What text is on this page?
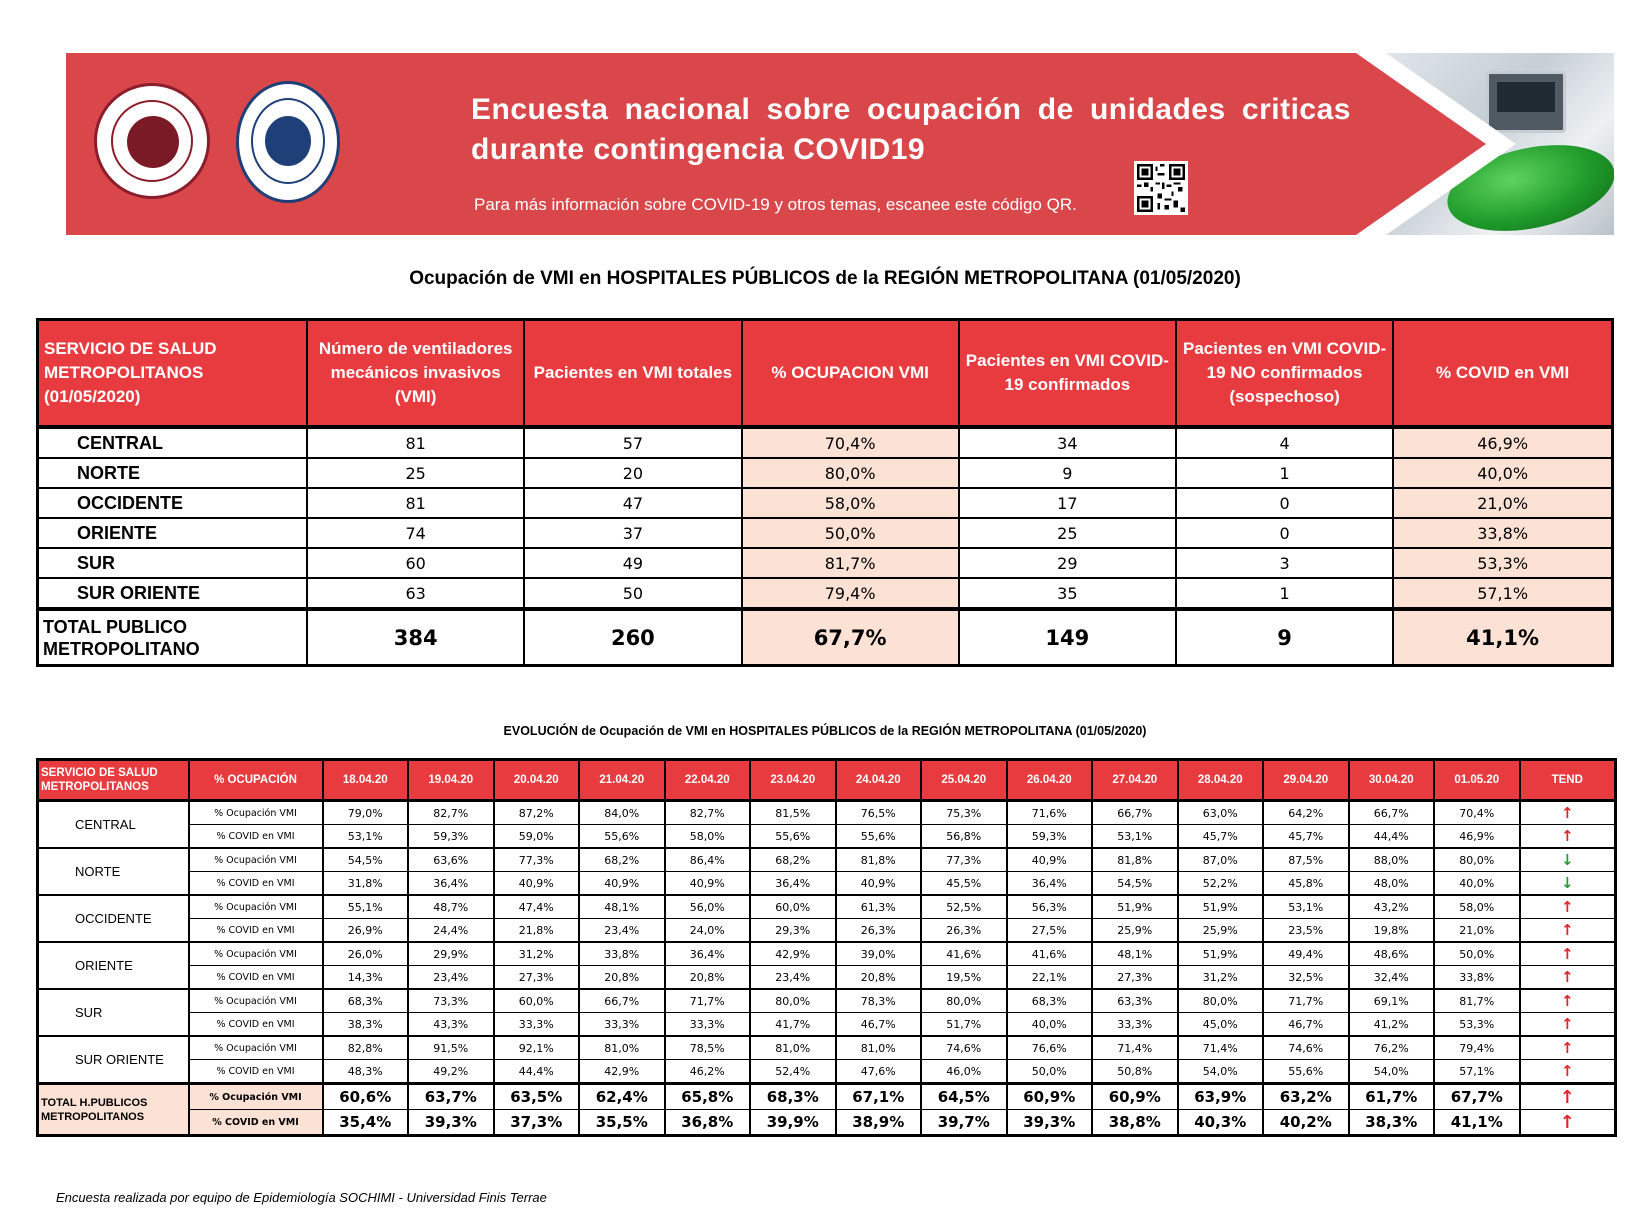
Encuesta nacional sobre ocupación de unidades criticas durante contingencia COVID19
Para más información sobre COVID-19 y otros temas, escanee este código QR.
Ocupación de VMI en HOSPITALES PÚBLICOS de la REGIÓN METROPOLITANA (01/05/2020)
SERVICIO DE SALUD METROPOLITANOS (01/05/2020)	Número de ventiladores mecánicos invasivos (VMI)	Pacientes en VMI totales	% OCUPACION VMI	Pacientes en VMI COVID-19 confirmados	Pacientes en VMI COVID-19 NO confirmados (sospechoso)	% COVID en VMI
CENTRAL	81	57	70,4%	34	4	46,9%
NORTE	25	20	80,0%	9	1	40,0%
OCCIDENTE	81	47	58,0%	17	0	21,0%
ORIENTE	74	37	50,0%	25	0	33,8%
SUR	60	49	81,7%	29	3	53,3%
SUR ORIENTE	63	50	79,4%	35	1	57,1%
TOTAL PUBLICO METROPOLITANO	384	260	67,7%	149	9	41,1%
EVOLUCIÓN de Ocupación de VMI en HOSPITALES PÚBLICOS de la REGIÓN METROPOLITANA (01/05/2020)
SERVICIO DE SALUD METROPOLITANOS	% OCUPACIÓN	18.04.20	19.04.20	20.04.20	21.04.20	22.04.20	23.04.20	24.04.20	25.04.20	26.04.20	27.04.20	28.04.20	29.04.20	30.04.20	01.05.20	TEND
CENTRAL	% Ocupación VMI	79,0%	82,7%	87,2%	84,0%	82,7%	81,5%	76,5%	75,3%	71,6%	66,7%	63,0%	64,2%	66,7%	70,4%	↑
	% COVID en VMI	53,1%	59,3%	59,0%	55,6%	58,0%	55,6%	55,6%	56,8%	59,3%	53,1%	45,7%	45,7%	44,4%	46,9%	↑
NORTE	% Ocupación VMI	54,5%	63,6%	77,3%	68,2%	86,4%	68,2%	81,8%	77,3%	40,9%	81,8%	87,0%	87,5%	88,0%	80,0%	↓
	% COVID en VMI	31,8%	36,4%	40,9%	40,9%	40,9%	36,4%	40,9%	45,5%	36,4%	54,5%	52,2%	45,8%	48,0%	40,0%	↓
OCCIDENTE	% Ocupación VMI	55,1%	48,7%	47,4%	48,1%	56,0%	60,0%	61,3%	52,5%	56,3%	51,9%	51,9%	53,1%	43,2%	58,0%	↑
	% COVID en VMI	26,9%	24,4%	21,8%	23,4%	24,0%	29,3%	26,3%	26,3%	27,5%	25,9%	25,9%	23,5%	19,8%	21,0%	↑
ORIENTE	% Ocupación VMI	26,0%	29,9%	31,2%	33,8%	36,4%	42,9%	39,0%	41,6%	41,6%	48,1%	51,9%	49,4%	48,6%	50,0%	↑
	% COVID en VMI	14,3%	23,4%	27,3%	20,8%	20,8%	23,4%	20,8%	19,5%	22,1%	27,3%	31,2%	32,5%	32,4%	33,8%	↑
SUR	% Ocupación VMI	68,3%	73,3%	60,0%	66,7%	71,7%	80,0%	78,3%	80,0%	68,3%	63,3%	80,0%	71,7%	69,1%	81,7%	↑
	% COVID en VMI	38,3%	43,3%	33,3%	33,3%	33,3%	41,7%	46,7%	51,7%	40,0%	33,3%	45,0%	46,7%	41,2%	53,3%	↑
SUR ORIENTE	% Ocupación VMI	82,8%	91,5%	92,1%	81,0%	78,5%	81,0%	81,0%	74,6%	76,6%	71,4%	71,4%	74,6%	76,2%	79,4%	↑
	% COVID en VMI	48,3%	49,2%	44,4%	42,9%	46,2%	52,4%	47,6%	46,0%	50,0%	50,8%	54,0%	55,6%	54,0%	57,1%	↑
TOTAL H.PUBLICOS METROPOLITANOS	% Ocupación VMI	60,6%	63,7%	63,5%	62,4%	65,8%	68,3%	67,1%	64,5%	60,9%	60,9%	63,9%	63,2%	61,7%	67,7%	↑
	% COVID en VMI	35,4%	39,3%	37,3%	35,5%	36,8%	39,9%	38,9%	39,7%	39,3%	38,8%	40,3%	40,2%	38,3%	41,1%	↑
Encuesta realizada por equipo de Epidemiología SOCHIMI - Universidad Finis Terrae
